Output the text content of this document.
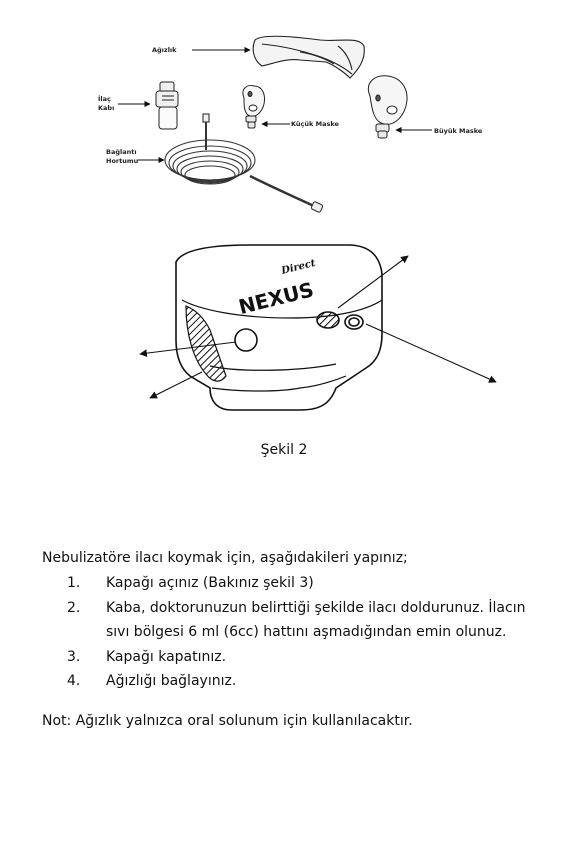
Ağızlık
İlaç
Kabı
Bağlantı
Hortumu
Küçük Maske
Büyük Maske
NEXUS
Direct
Şekil 2
Nebulizatöre ilacı koymak için, aşağıdakileri yapınız;
1. Kapağı açınız (Bakınız şekil 3)
2. Kaba, doktorunuzun belirttiği şekilde ilacı doldurunuz. İlacın sıvı bölgesi 6 ml (6cc) hattını aşmadığından emin olunuz.
3. Kapağı kapatınız.
4. Ağızlığı bağlayınız.
Not: Ağızlık yalnızca oral solunum için kullanılacaktır.
